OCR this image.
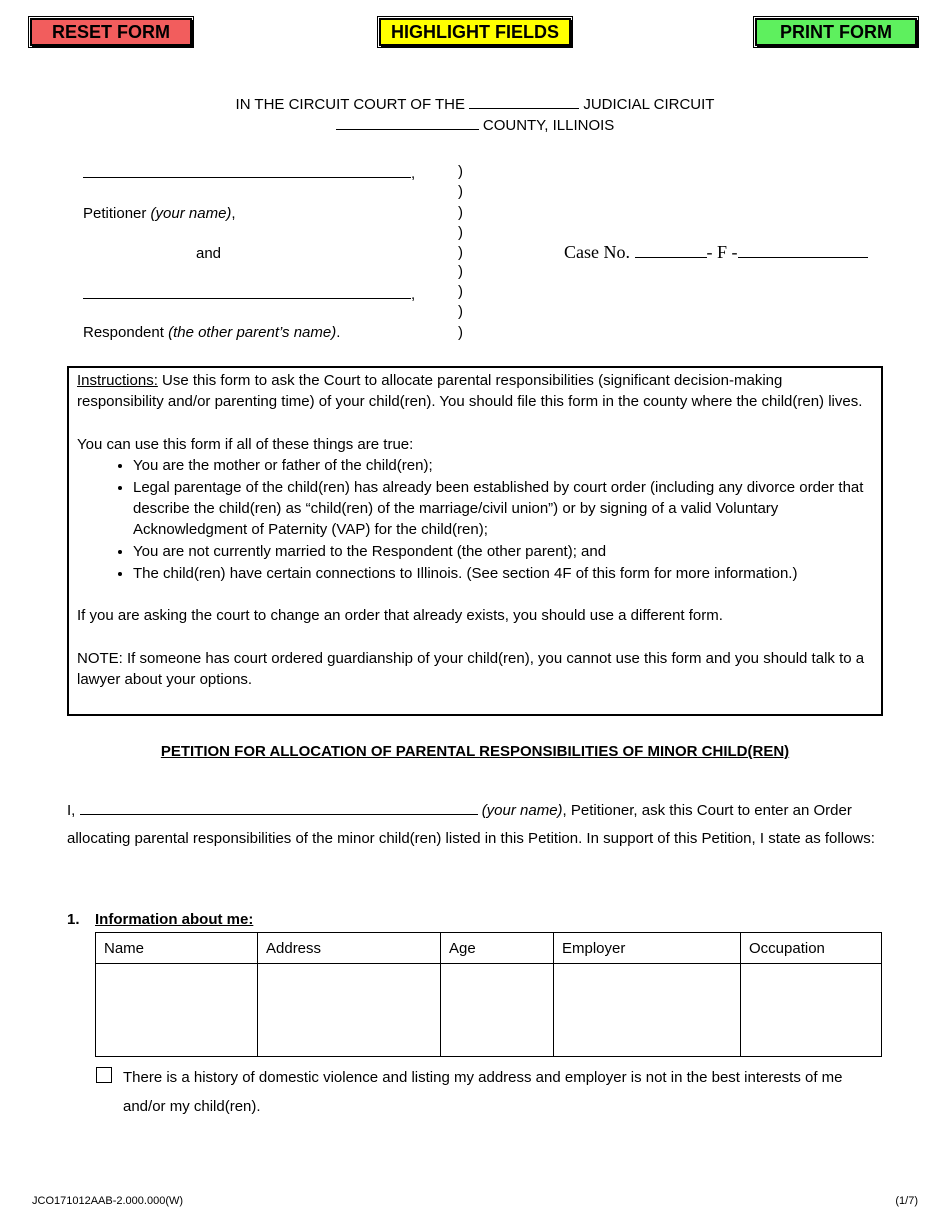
RESET FORM	HIGHLIGHT FIELDS	PRINT FORM
IN THE CIRCUIT COURT OF THE	JUDICIAL CIRCUIT
COUNTY, ILLINOIS
,
Petitioner (your name),
and
,
Respondent (the other parent’s name).
)
)
)
)
)
)
)
)
)
Case No.	- F -

Instructions: Use this form to ask the Court to allocate parental responsibilities (significant decision-making responsibility and/or parenting time) of your child(ren). You should file this form in the county where the child(ren) lives.

You can use this form if all of these things are true:

• You are the mother or father of the child(ren);
• Legal parentage of the child(ren) has already been established by court order (including any divorce order that describe the child(ren) as “child(ren) of the marriage/civil union”) or by signing of a valid Voluntary Acknowledgment of Paternity (VAP) for the child(ren);
• You are not currently married to the Respondent (the other parent); and
• The child(ren) have certain connections to Illinois. (See section 4F of this form for more information.)

If you are asking the court to change an order that already exists, you should use a different form.

NOTE: If someone has court ordered guardianship of your child(ren), you cannot use this form and you should talk to a lawyer about your options.

PETITION FOR ALLOCATION OF PARENTAL RESPONSIBILITIES OF MINOR CHILD(REN)
I,	(your name), Petitioner, ask this Court to enter an Order allocating parental responsibilities of the minor child(ren) listed in this Petition. In support of this Petition, I state as follows:
1. Information about me:
Name	Address	Age	Employer	Occupation

There is a history of domestic violence and listing my address and employer is not in the best interests of me and/or my child(ren).
JCO171012AAB-2.000.000(W)	(1/7)
